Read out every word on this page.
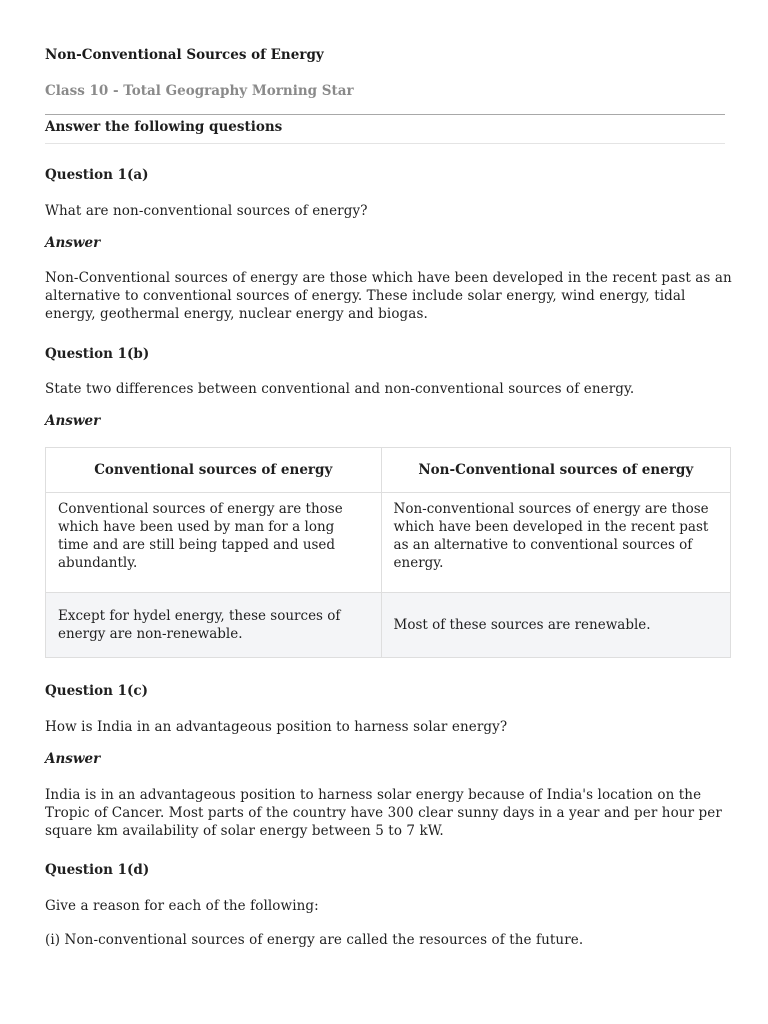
Non-Conventional Sources of Energy
Class 10 - Total Geography Morning Star
Answer the following questions
Question 1(a)
What are non-conventional sources of energy?
Answer
Non-Conventional sources of energy are those which have been developed in the recent past as an alternative to conventional sources of energy. These include solar energy, wind energy, tidal energy, geothermal energy, nuclear energy and biogas.
Question 1(b)
State two differences between conventional and non-conventional sources of energy.
Answer
Conventional sources of energy	Non-Conventional sources of energy
Conventional sources of energy are those which have been used by man for a long time and are still being tapped and used abundantly.	Non-conventional sources of energy are those which have been developed in the recent past as an alternative to conventional sources of energy.
Except for hydel energy, these sources of energy are non-renewable.	Most of these sources are renewable.
Question 1(c)
How is India in an advantageous position to harness solar energy?
Answer
India is in an advantageous position to harness solar energy because of India's location on the Tropic of Cancer. Most parts of the country have 300 clear sunny days in a year and per hour per square km availability of solar energy between 5 to 7 kW.
Question 1(d)
Give a reason for each of the following:
(i) Non-conventional sources of energy are called the resources of the future.
